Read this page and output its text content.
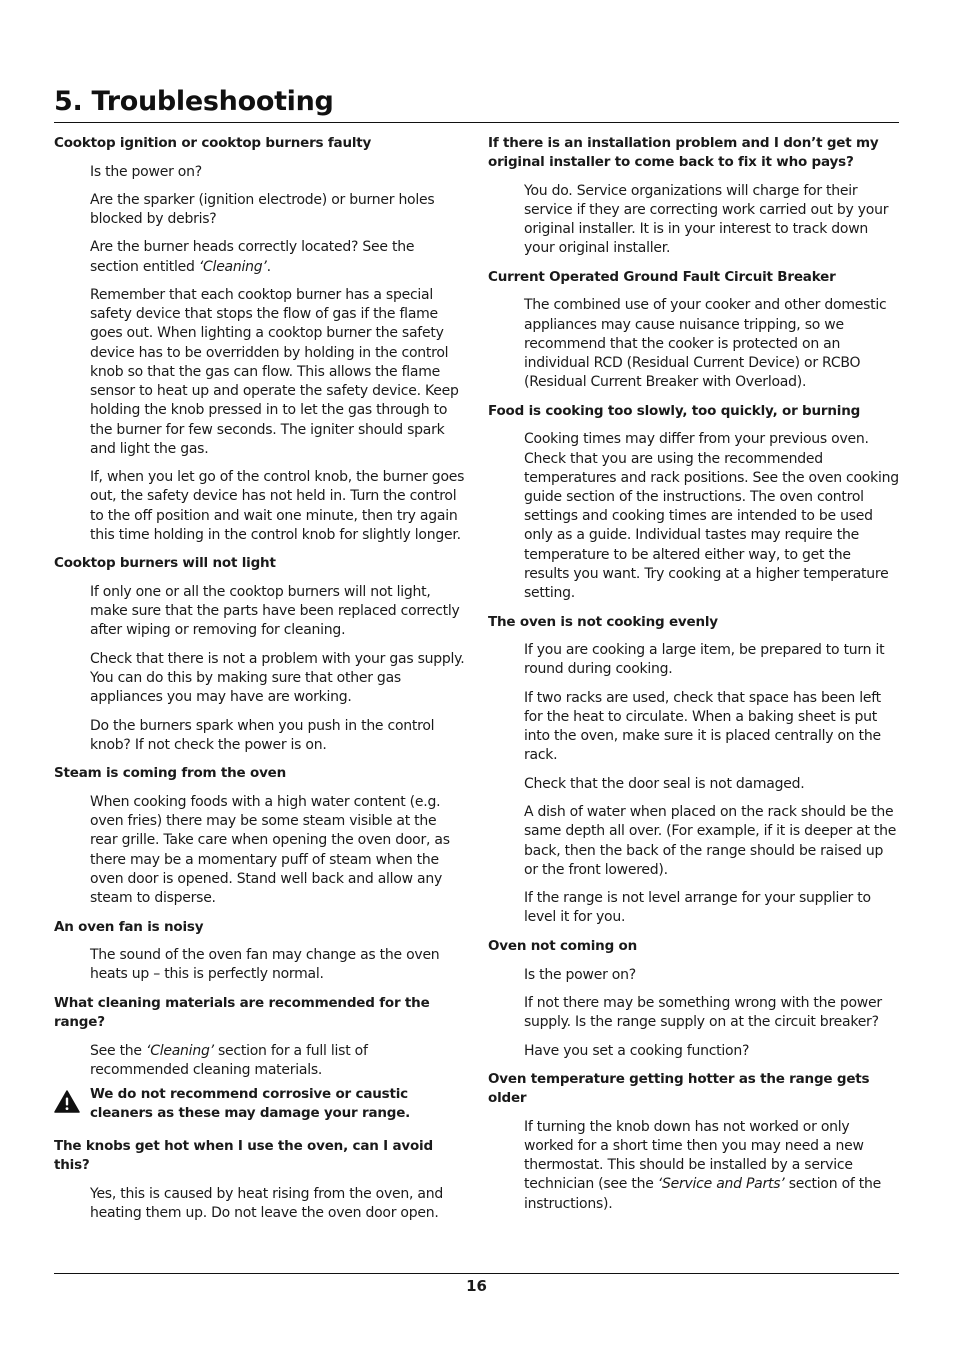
5. Troubleshooting

Cooktop ignition or cooktop burners faulty

Is the power on?

Are the sparker (ignition electrode) or burner holes blocked by debris?

Are the burner heads correctly located? See the section entitled ‘Cleaning’.

Remember that each cooktop burner has a special safety device that stops the flow of gas if the flame goes out. When lighting a cooktop burner the safety device has to be overridden by holding in the control knob so that the gas can flow. This allows the flame sensor to heat up and operate the safety device. Keep holding the knob pressed in to let the gas through to the burner for few seconds. The igniter should spark and light the gas.

If, when you let go of the control knob, the burner goes out, the safety device has not held in. Turn the control to the off position and wait one minute, then try again this time holding in the control knob for slightly longer.

Cooktop burners will not light

If only one or all the cooktop burners will not light, make sure that the parts have been replaced correctly after wiping or removing for cleaning.

Check that there is not a problem with your gas supply. You can do this by making sure that other gas appliances you may have are working.

Do the burners spark when you push in the control knob? If not check the power is on.

Steam is coming from the oven

When cooking foods with a high water content (e.g. oven fries) there may be some steam visible at the rear grille. Take care when opening the oven door, as there may be a momentary puff of steam when the oven door is opened. Stand well back and allow any steam to disperse.

An oven fan is noisy

The sound of the oven fan may change as the oven heats up – this is perfectly normal.

What cleaning materials are recommended for the range?

See the ‘Cleaning’ section for a full list of recommended cleaning materials.

We do not recommend corrosive or caustic cleaners as these may damage your range.

The knobs get hot when I use the oven, can I avoid this?

Yes, this is caused by heat rising from the oven, and heating them up. Do not leave the oven door open.

If there is an installation problem and I don’t get my original installer to come back to fix it who pays?

You do. Service organizations will charge for their service if they are correcting work carried out by your original installer. It is in your interest to track down your original installer.

Current Operated Ground Fault Circuit Breaker

The combined use of your cooker and other domestic appliances may cause nuisance tripping, so we recommend that the cooker is protected on an individual RCD (Residual Current Device) or RCBO (Residual Current Breaker with Overload).

Food is cooking too slowly, too quickly, or burning

Cooking times may differ from your previous oven. Check that you are using the recommended temperatures and rack positions. See the oven cooking guide section of the instructions. The oven control settings and cooking times are intended to be used only as a guide. Individual tastes may require the temperature to be altered either way, to get the results you want. Try cooking at a higher temperature setting.

The oven is not cooking evenly

If you are cooking a large item, be prepared to turn it round during cooking.

If two racks are used, check that space has been left for the heat to circulate. When a baking sheet is put into the oven, make sure it is placed centrally on the rack.

Check that the door seal is not damaged.

A dish of water when placed on the rack should be the same depth all over. (For example, if it is deeper at the back, then the back of the range should be raised up or the front lowered).

If the range is not level arrange for your supplier to level it for you.

Oven not coming on

Is the power on?

If not there may be something wrong with the power supply. Is the range supply on at the circuit breaker?

Have you set a cooking function?

Oven temperature getting hotter as the range gets older

If turning the knob down has not worked or only worked for a short time then you may need a new thermostat. This should be installed by a service technician (see the ‘Service and Parts’ section of the instructions).

16
